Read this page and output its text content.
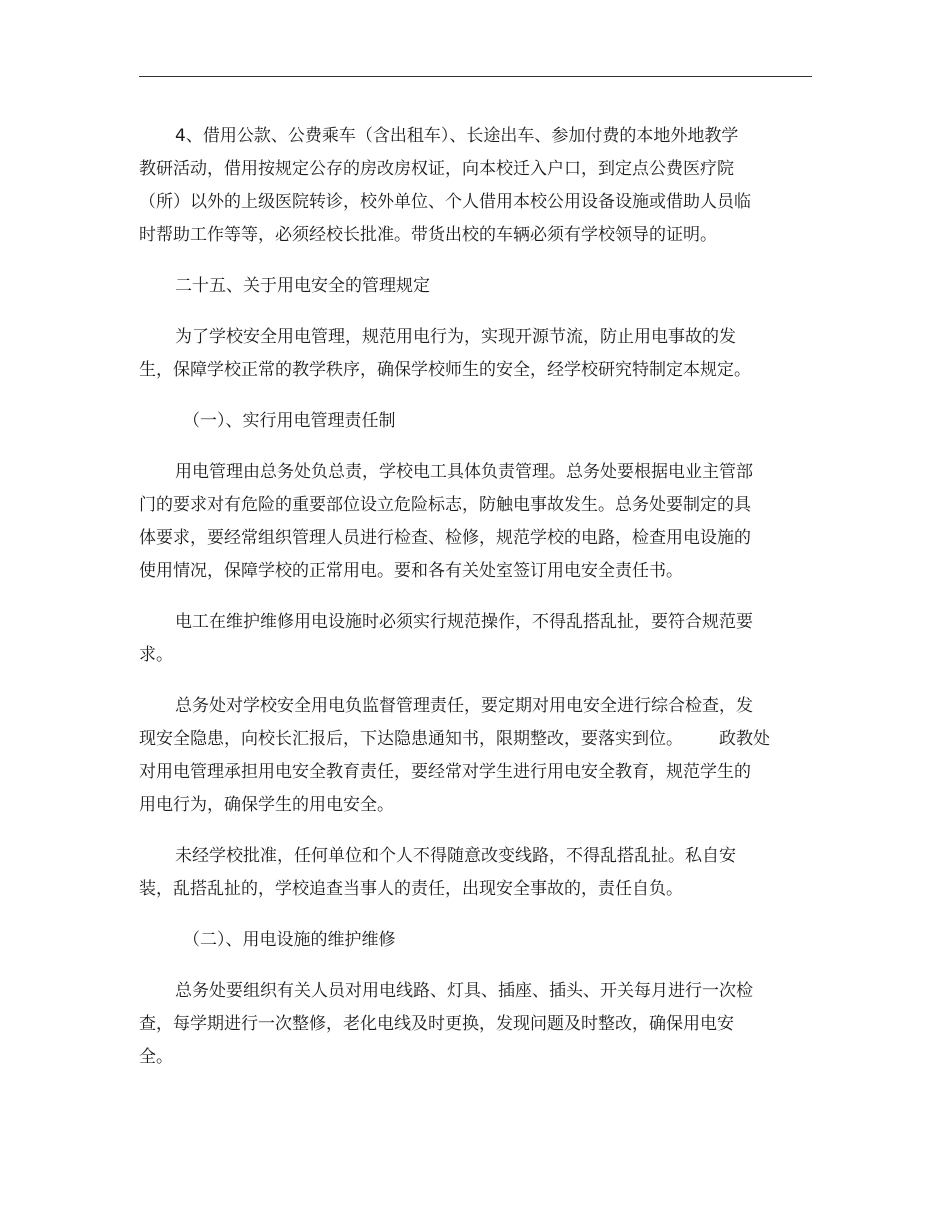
4、借用公款、公费乘车（含出租车）、长途出车、参加付费的本地外地教学
教研活动，借用按规定公存的房改房权证，向本校迁入户口，到定点公费医疗院
（所）以外的上级医院转诊，校外单位、个人借用本校公用设备设施或借助人员临
时帮助工作等等，必须经校长批准。带货出校的车辆必须有学校领导的证明。
二十五、关于用电安全的管理规定
为了学校安全用电管理，规范用电行为，实现开源节流，防止用电事故的发
生，保障学校正常的教学秩序，确保学校师生的安全，经学校研究特制定本规定。
（一）、实行用电管理责任制
用电管理由总务处负总责，学校电工具体负责管理。总务处要根据电业主管部
门的要求对有危险的重要部位设立危险标志，防触电事故发生。总务处要制定的具
体要求，要经常组织管理人员进行检查、检修，规范学校的电路，检查用电设施的
使用情况，保障学校的正常用电。要和各有关处室签订用电安全责任书。
电工在维护维修用电设施时必须实行规范操作，不得乱搭乱扯，要符合规范要
求。
总务处对学校安全用电负监督管理责任，要定期对用电安全进行综合检查，发
现安全隐患，向校长汇报后，下达隐患通知书，限期整改，要落实到位。 政教处
对用电管理承担用电安全教育责任，要经常对学生进行用电安全教育，规范学生的
用电行为，确保学生的用电安全。
未经学校批准，任何单位和个人不得随意改变线路，不得乱搭乱扯。私自安
装，乱搭乱扯的，学校追查当事人的责任，出现安全事故的，责任自负。
（二）、用电设施的维护维修
总务处要组织有关人员对用电线路、灯具、插座、插头、开关每月进行一次检
查，每学期进行一次整修，老化电线及时更换，发现问题及时整改，确保用电安
全。
